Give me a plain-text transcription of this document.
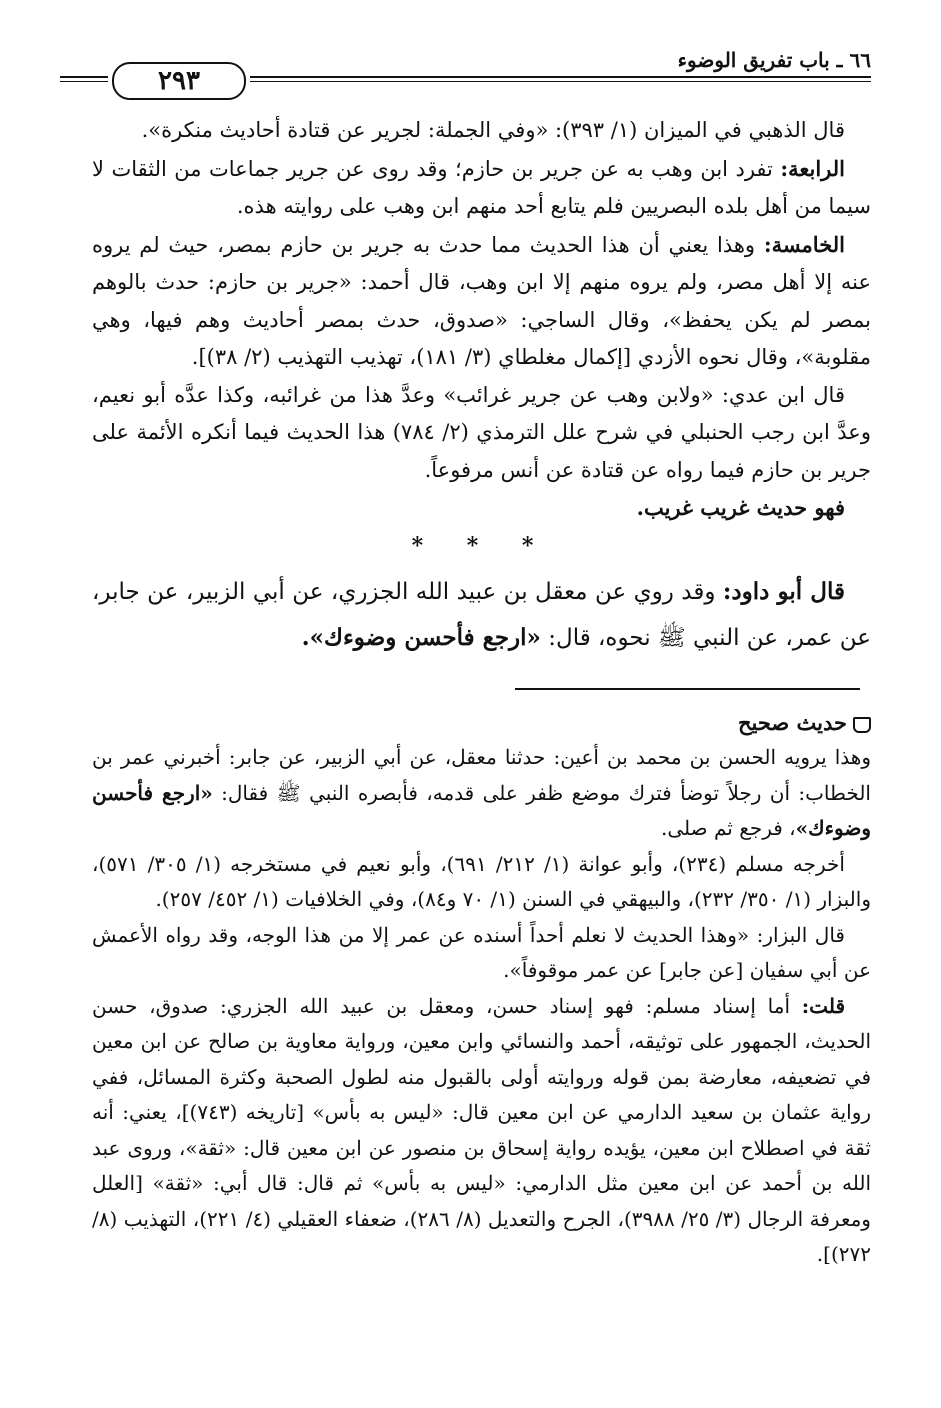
٦٦ ـ باب تفريق الوضوء
٢٩٣

قال الذهبي في الميزان (١/ ٣٩٣): «وفي الجملة: لجرير عن قتادة أحاديث منكرة».

الرابعة: تفرد ابن وهب به عن جرير بن حازم؛ وقد روى عن جرير جماعات من الثقات لا سيما من أهل بلده البصريين فلم يتابع أحد منهم ابن وهب على روايته هذه.

الخامسة: وهذا يعني أن هذا الحديث مما حدث به جرير بن حازم بمصر، حيث لم يروه عنه إلا أهل مصر، ولم يروه منهم إلا ابن وهب، قال أحمد: «جرير بن حازم: حدث بالوهم بمصر لم يكن يحفظ»، وقال الساجي: «صدوق، حدث بمصر أحاديث وهم فيها، وهي مقلوبة»، وقال نحوه الأزدي [إكمال مغلطاي (٣/ ١٨١)، تهذيب التهذيب (٢/ ٣٨)].

قال ابن عدي: «ولابن وهب عن جرير غرائب» وعدَّ هذا من غرائبه، وكذا عدَّه أبو نعيم، وعدَّ ابن رجب الحنبلي في شرح علل الترمذي (٢/ ٧٨٤) هذا الحديث فيما أنكره الأئمة على جرير بن حازم فيما رواه عن قتادة عن أنس مرفوعاً.

فهو حديث غريب غريب.

* * *

قال أبو داود: وقد روي عن معقل بن عبيد الله الجزري، عن أبي الزبير، عن جابر، عن عمر، عن النبي ﷺ نحوه، قال: «ارجع فأحسن وضوءك».

حديث صحيح

وهذا يرويه الحسن بن محمد بن أعين: حدثنا معقل، عن أبي الزبير، عن جابر: أخبرني عمر بن الخطاب: أن رجلاً توضأ فترك موضع ظفر على قدمه، فأبصره النبي ﷺ فقال: «ارجع فأحسن وضوءك»، فرجع ثم صلى.

أخرجه مسلم (٢٣٤)، وأبو عوانة (١/ ٢١٢/ ٦٩١)، وأبو نعيم في مستخرجه (١/ ٣٠٥/ ٥٧١)، والبزار (١/ ٣٥٠/ ٢٣٢)، والبيهقي في السنن (١/ ٧٠ و٨٤)، وفي الخلافيات (١/ ٤٥٢/ ٢٥٧).

قال البزار: «وهذا الحديث لا نعلم أحداً أسنده عن عمر إلا من هذا الوجه، وقد رواه الأعمش عن أبي سفيان [عن جابر] عن عمر موقوفاً».

قلت: أما إسناد مسلم: فهو إسناد حسن، ومعقل بن عبيد الله الجزري: صدوق، حسن الحديث، الجمهور على توثيقه، أحمد والنسائي وابن معين، ورواية معاوية بن صالح عن ابن معين في تضعيفه، معارضة بمن قوله وروايته أولى بالقبول منه لطول الصحبة وكثرة المسائل، ففي رواية عثمان بن سعيد الدارمي عن ابن معين قال: «ليس به بأس» [تاريخه (٧٤٣)]، يعني: أنه ثقة في اصطلاح ابن معين، يؤيده رواية إسحاق بن منصور عن ابن معين قال: «ثقة»، وروى عبد الله بن أحمد عن ابن معين مثل الدارمي: «ليس به بأس» ثم قال: قال أبي: «ثقة» [العلل ومعرفة الرجال (٣/ ٢٥/ ٣٩٨٨)، الجرح والتعديل (٨/ ٢٨٦)، ضعفاء العقيلي (٤/ ٢٢١)، التهذيب (٨/ ٢٧٢)].
